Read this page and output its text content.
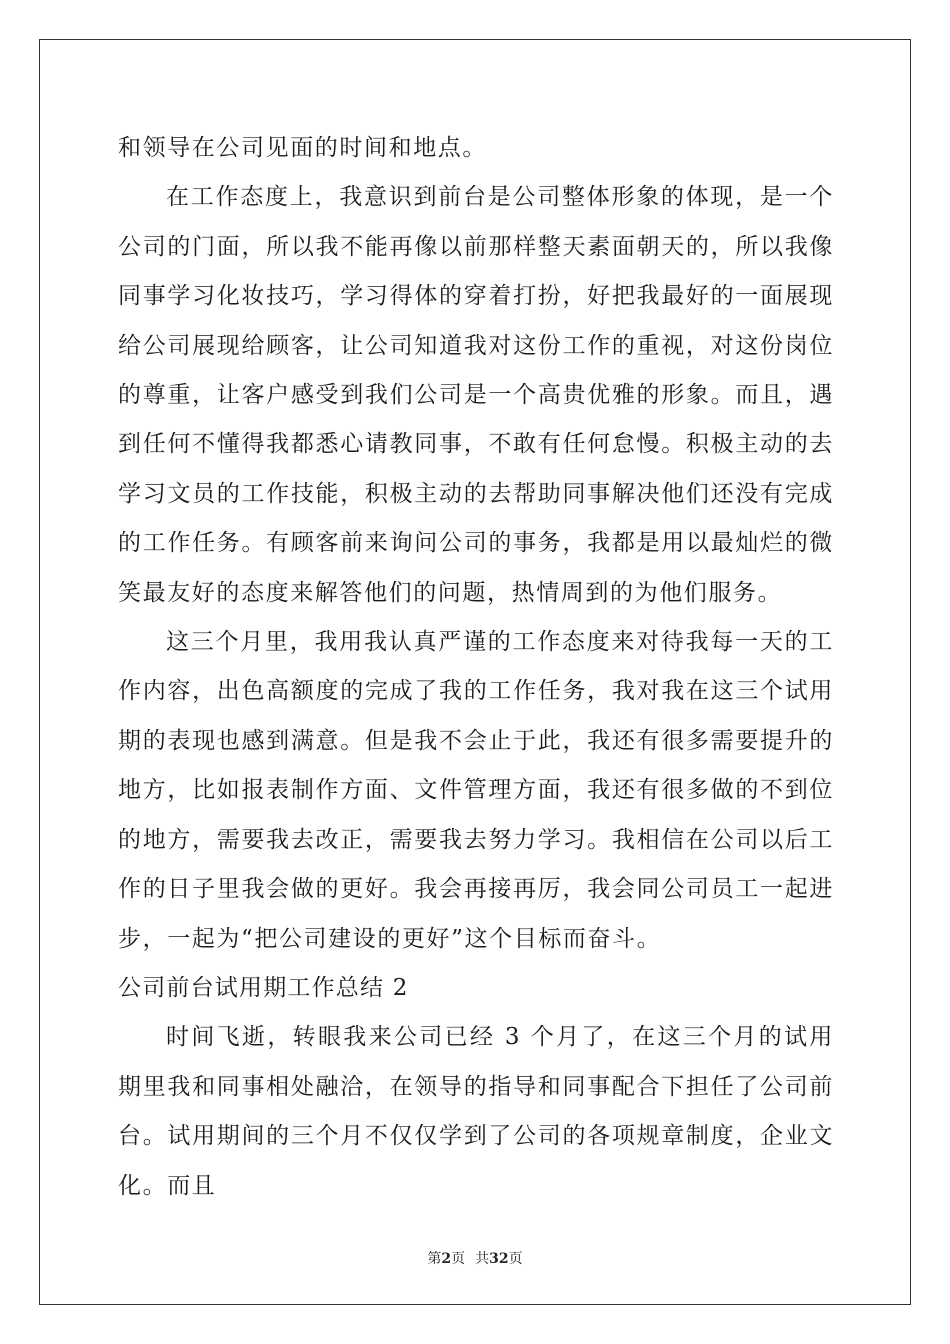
和领导在公司见面的时间和地点。

在工作态度上，我意识到前台是公司整体形象的体现，是一个公司的门面，所以我不能再像以前那样整天素面朝天的，所以我像同事学习化妆技巧，学习得体的穿着打扮，好把我最好的一面展现给公司展现给顾客，让公司知道我对这份工作的重视，对这份岗位的尊重，让客户感受到我们公司是一个高贵优雅的形象。而且，遇到任何不懂得我都悉心请教同事，不敢有任何怠慢。积极主动的去学习文员的工作技能，积极主动的去帮助同事解决他们还没有完成的工作任务。有顾客前来询问公司的事务，我都是用以最灿烂的微笑最友好的态度来解答他们的问题，热情周到的为他们服务。

这三个月里，我用我认真严谨的工作态度来对待我每一天的工作内容，出色高额度的完成了我的工作任务，我对我在这三个试用期的表现也感到满意。但是我不会止于此，我还有很多需要提升的地方，比如报表制作方面、文件管理方面，我还有很多做的不到位的地方，需要我去改正，需要我去努力学习。我相信在公司以后工作的日子里我会做的更好。我会再接再厉，我会同公司员工一起进步，一起为“把公司建设的更好”这个目标而奋斗。

公司前台试用期工作总结 2

时间飞逝，转眼我来公司已经 3 个月了，在这三个月的试用期里我和同事相处融洽，在领导的指导和同事配合下担任了公司前台。试用期间的三个月不仅仅学到了公司的各项规章制度，企业文化。而且

第2页 共32页
